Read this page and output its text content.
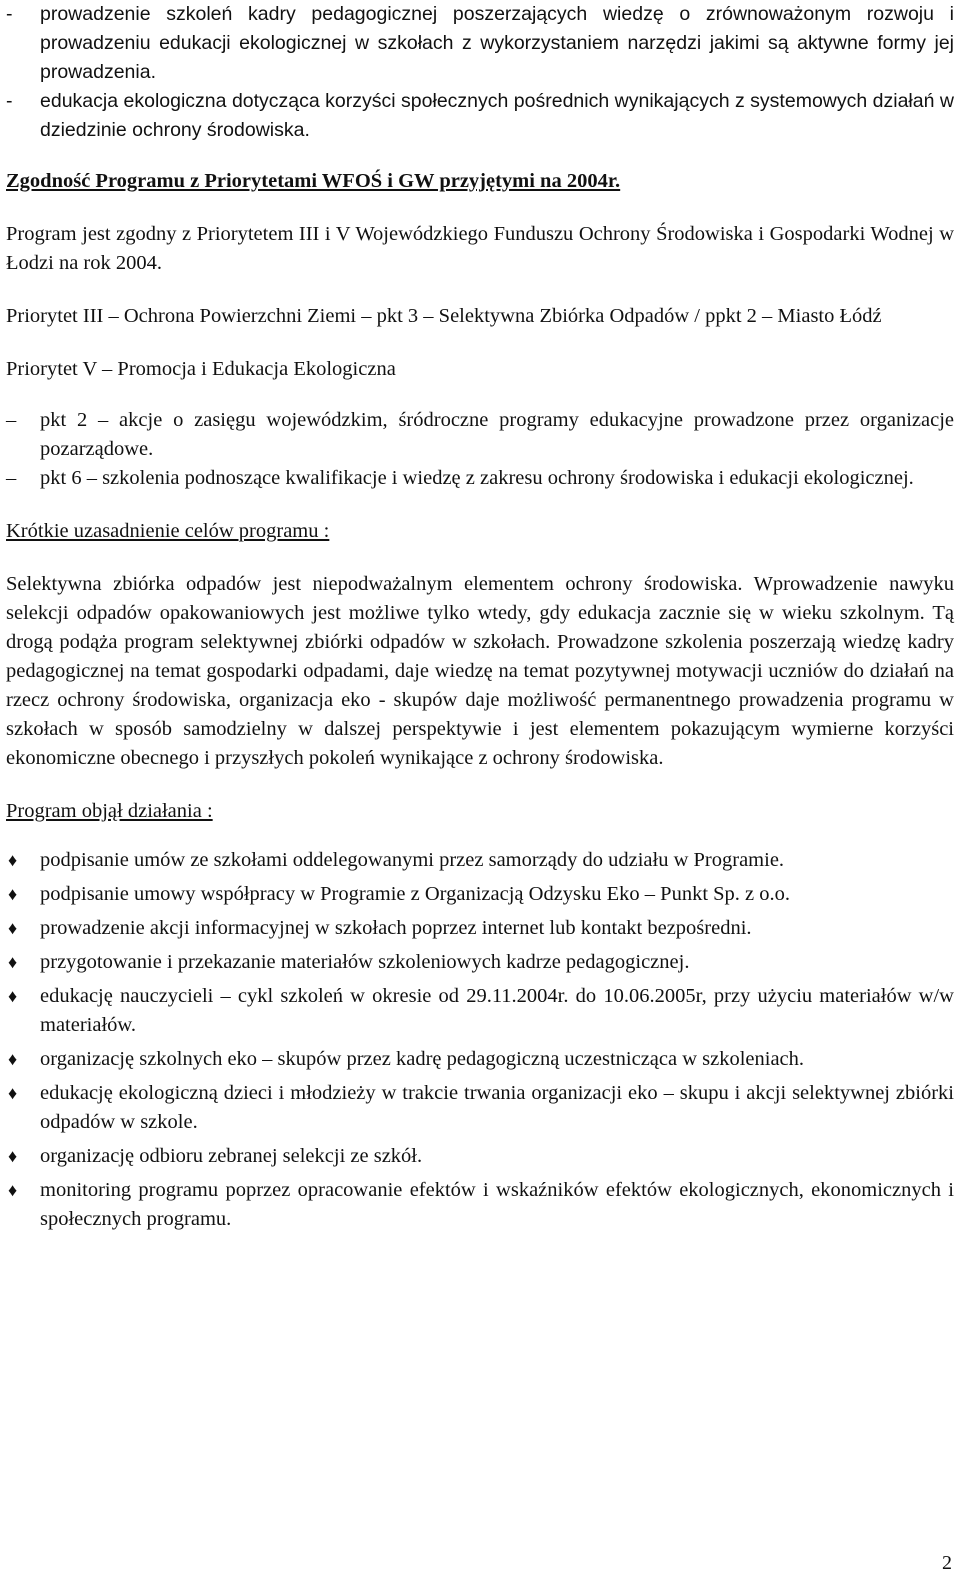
- prowadzenie szkoleń kadry pedagogicznej poszerzających wiedzę o zrównoważonym rozwoju i prowadzeniu edukacji ekologicznej w szkołach z wykorzystaniem narzędzi jakimi są aktywne formy jej prowadzenia.
- edukacja ekologiczna dotycząca korzyści społecznych pośrednich wynikających z systemowych działań w dziedzinie ochrony środowiska.
Zgodność Programu z Priorytetami WFOŚ i GW przyjętymi na 2004r.
Program jest zgodny z Priorytetem III i V Wojewódzkiego Funduszu Ochrony Środowiska i Gospodarki Wodnej w Łodzi na rok 2004.
Priorytet III – Ochrona Powierzchni Ziemi – pkt 3 – Selektywna Zbiórka Odpadów / ppkt 2 – Miasto Łódź
Priorytet V – Promocja i Edukacja Ekologiczna
– pkt 2 – akcje o zasięgu wojewódzkim, śródroczne programy edukacyjne prowadzone przez organizacje pozarządowe.
– pkt 6 – szkolenia podnoszące kwalifikacje i wiedzę z zakresu ochrony środowiska i edukacji ekologicznej.
Krótkie uzasadnienie celów programu :
Selektywna zbiórka odpadów jest niepodważalnym elementem ochrony środowiska. Wprowadzenie nawyku selekcji odpadów opakowaniowych jest możliwe tylko wtedy, gdy edukacja zacznie się w wieku szkolnym. Tą drogą podąża program selektywnej zbiórki odpadów w szkołach. Prowadzone szkolenia poszerzają wiedzę kadry pedagogicznej na temat gospodarki odpadami, daje wiedzę na temat pozytywnej motywacji uczniów do działań na rzecz ochrony środowiska, organizacja eko - skupów daje możliwość permanentnego prowadzenia programu w szkołach w sposób samodzielny w dalszej perspektywie i jest elementem pokazującym wymierne korzyści ekonomiczne obecnego i przyszłych pokoleń wynikające z ochrony środowiska.
Program objął działania :
♦ podpisanie umów ze szkołami oddelegowanymi przez samorządy do udziału w Programie.
♦ podpisanie umowy współpracy w Programie z Organizacją Odzysku Eko – Punkt Sp. z o.o.
♦ prowadzenie akcji informacyjnej w szkołach poprzez internet lub kontakt bezpośredni.
♦ przygotowanie i przekazanie materiałów szkoleniowych kadrze pedagogicznej.
♦ edukację nauczycieli – cykl szkoleń w okresie od 29.11.2004r. do 10.06.2005r, przy użyciu materiałów w/w materiałów.
♦ organizację szkolnych eko – skupów przez kadrę pedagogiczną uczestnicząca w szkoleniach.
♦ edukację ekologiczną dzieci i młodzieży w trakcie trwania organizacji eko – skupu i akcji selektywnej zbiórki odpadów w szkole.
♦ organizację odbioru zebranej selekcji ze szkół.
♦ monitoring programu poprzez opracowanie efektów i wskaźników efektów ekologicznych, ekonomicznych i społecznych programu.
2
